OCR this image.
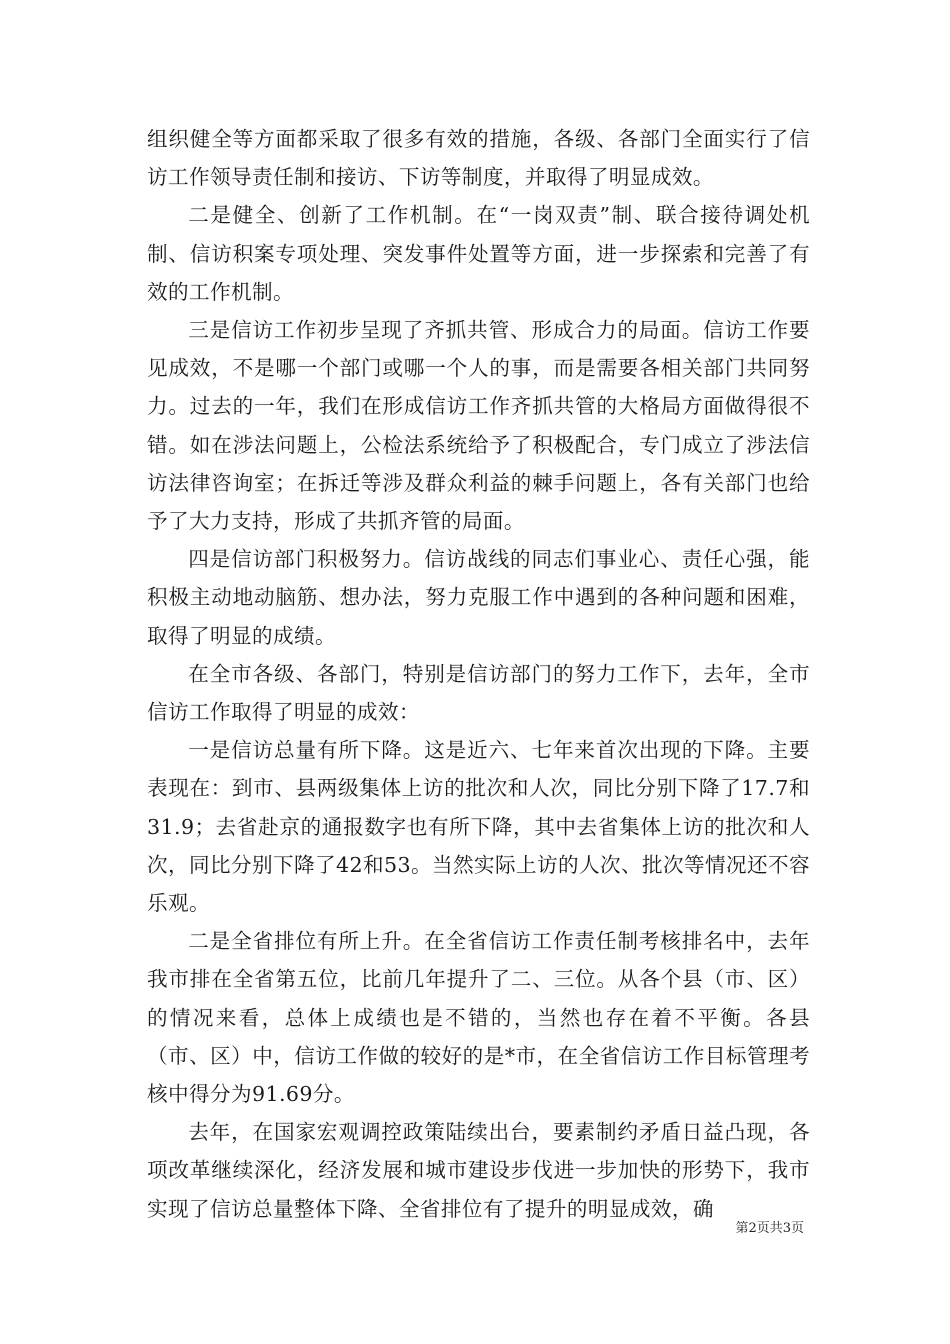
组织健全等方面都采取了很多有效的措施，各级、各部门全面实行了信访工作领导责任制和接访、下访等制度，并取得了明显成效。

二是健全、创新了工作机制。在“一岗双责”制、联合接待调处机制、信访积案专项处理、突发事件处置等方面，进一步探索和完善了有效的工作机制。

三是信访工作初步呈现了齐抓共管、形成合力的局面。信访工作要见成效，不是哪一个部门或哪一个人的事，而是需要各相关部门共同努力。过去的一年，我们在形成信访工作齐抓共管的大格局方面做得很不错。如在涉法问题上，公检法系统给予了积极配合，专门成立了涉法信访法律咨询室；在拆迁等涉及群众利益的棘手问题上，各有关部门也给予了大力支持，形成了共抓齐管的局面。

四是信访部门积极努力。信访战线的同志们事业心、责任心强，能积极主动地动脑筋、想办法，努力克服工作中遇到的各种问题和困难，取得了明显的成绩。

在全市各级、各部门，特别是信访部门的努力工作下，去年，全市信访工作取得了明显的成效：

一是信访总量有所下降。这是近六、七年来首次出现的下降。主要表现在：到市、县两级集体上访的批次和人次，同比分别下降了17.7和31.9；去省赴京的通报数字也有所下降，其中去省集体上访的批次和人次，同比分别下降了42和53。当然实际上访的人次、批次等情况还不容乐观。

二是全省排位有所上升。在全省信访工作责任制考核排名中，去年我市排在全省第五位，比前几年提升了二、三位。从各个县（市、区）的情况来看，总体上成绩也是不错的，当然也存在着不平衡。各县（市、区）中，信访工作做的较好的是*市，在全省信访工作目标管理考核中得分为91.69分。

去年，在国家宏观调控政策陆续出台，要素制约矛盾日益凸现，各项改革继续深化，经济发展和城市建设步伐进一步加快的形势下，我市实现了信访总量整体下降、全省排位有了提升的明显成效，确

第2页共3页
